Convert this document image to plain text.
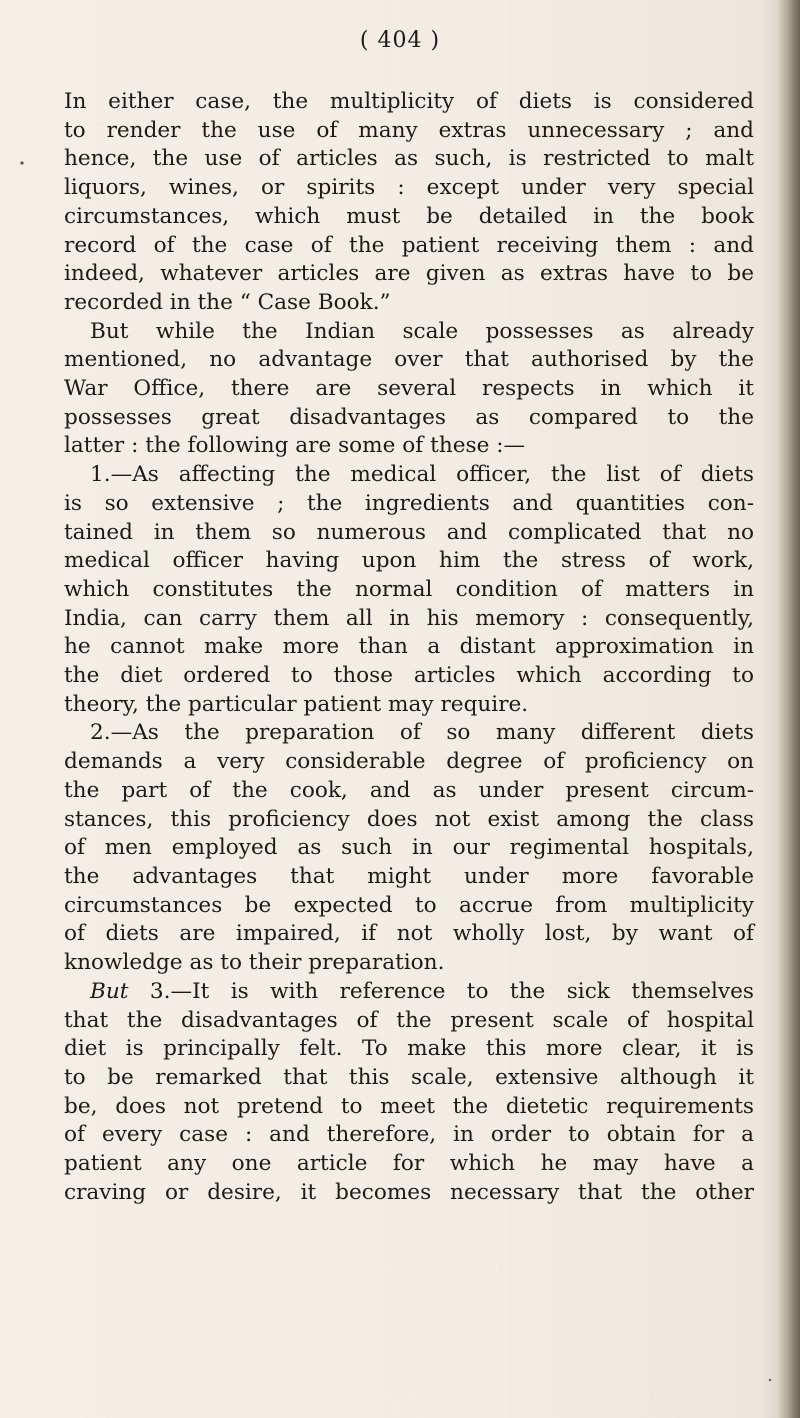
( 404 )
In either case, the multiplicity of diets is considered
to render the use of many extras unnecessary ; and
hence, the use of articles as such, is restricted to malt
liquors, wines, or spirits : except under very special
circumstances, which must be detailed in the book
record of the case of the patient receiving them : and
indeed, whatever articles are given as extras have to be
recorded in the “ Case Book.”
But while the Indian scale possesses as already
mentioned, no advantage over that authorised by the
War Office, there are several respects in which it
possesses great disadvantages as compared to the
latter : the following are some of these :—
1.—As affecting the medical officer, the list of diets
is so extensive ; the ingredients and quantities con-
tained in them so numerous and complicated that no
medical officer having upon him the stress of work,
which constitutes the normal condition of matters in
India, can carry them all in his memory : consequently,
he cannot make more than a distant approximation in
the diet ordered to those articles which according to
theory, the particular patient may require.
2.—As the preparation of so many different diets
demands a very considerable degree of proficiency on
the part of the cook, and as under present circum-
stances, this proficiency does not exist among the class
of men employed as such in our regimental hospitals,
the advantages that might under more favorable
circumstances be expected to accrue from multiplicity
of diets are impaired, if not wholly lost, by want of
knowledge as to their preparation.
But 3.—It is with reference to the sick themselves
that the disadvantages of the present scale of hospital
diet is principally felt. To make this more clear, it is
to be remarked that this scale, extensive although it
be, does not pretend to meet the dietetic requirements
of every case : and therefore, in order to obtain for a
patient any one article for which he may have a
craving or desire, it becomes necessary that the other
